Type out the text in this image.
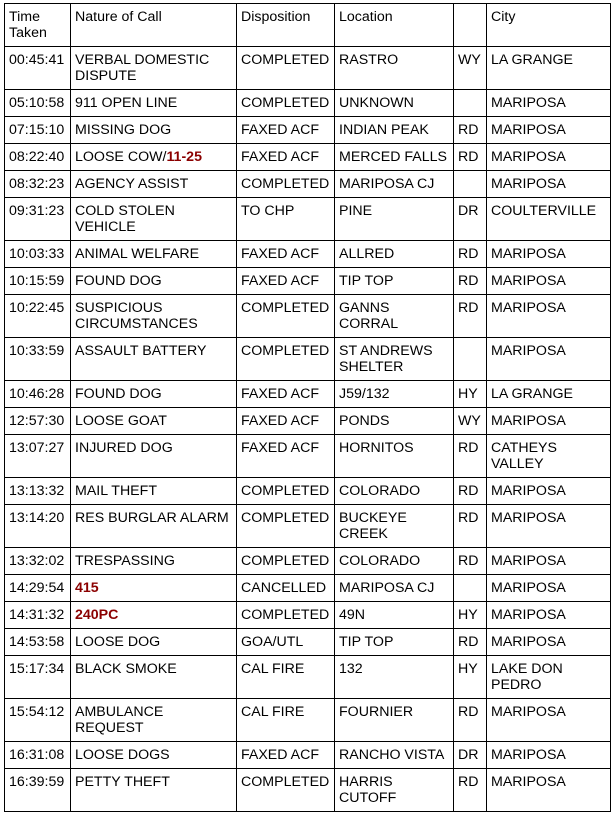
Time Taken	Nature of Call	Disposition	Location		City
00:45:41	VERBAL DOMESTIC DISPUTE	COMPLETED	RASTRO	WY	LA GRANGE
05:10:58	911 OPEN LINE	COMPLETED	UNKNOWN		MARIPOSA
07:15:10	MISSING DOG	FAXED ACF	INDIAN PEAK	RD	MARIPOSA
08:22:40	LOOSE COW/11-25	FAXED ACF	MERCED FALLS	RD	MARIPOSA
08:32:23	AGENCY ASSIST	COMPLETED	MARIPOSA CJ		MARIPOSA
09:31:23	COLD STOLEN VEHICLE	TO CHP	PINE	DR	COULTERVILLE
10:03:33	ANIMAL WELFARE	FAXED ACF	ALLRED	RD	MARIPOSA
10:15:59	FOUND DOG	FAXED ACF	TIP TOP	RD	MARIPOSA
10:22:45	SUSPICIOUS CIRCUMSTANCES	COMPLETED	GANNS CORRAL	RD	MARIPOSA
10:33:59	ASSAULT BATTERY	COMPLETED	ST ANDREWS SHELTER		MARIPOSA
10:46:28	FOUND DOG	FAXED ACF	J59/132	HY	LA GRANGE
12:57:30	LOOSE GOAT	FAXED ACF	PONDS	WY	MARIPOSA
13:07:27	INJURED DOG	FAXED ACF	HORNITOS	RD	CATHEYS VALLEY
13:13:32	MAIL THEFT	COMPLETED	COLORADO	RD	MARIPOSA
13:14:20	RES BURGLAR ALARM	COMPLETED	BUCKEYE CREEK	RD	MARIPOSA
13:32:02	TRESPASSING	COMPLETED	COLORADO	RD	MARIPOSA
14:29:54	415	CANCELLED	MARIPOSA CJ		MARIPOSA
14:31:32	240PC	COMPLETED	49N	HY	MARIPOSA
14:53:58	LOOSE DOG	GOA/UTL	TIP TOP	RD	MARIPOSA
15:17:34	BLACK SMOKE	CAL FIRE	132	HY	LAKE DON PEDRO
15:54:12	AMBULANCE REQUEST	CAL FIRE	FOURNIER	RD	MARIPOSA
16:31:08	LOOSE DOGS	FAXED ACF	RANCHO VISTA	DR	MARIPOSA
16:39:59	PETTY THEFT	COMPLETED	HARRIS CUTOFF	RD	MARIPOSA
